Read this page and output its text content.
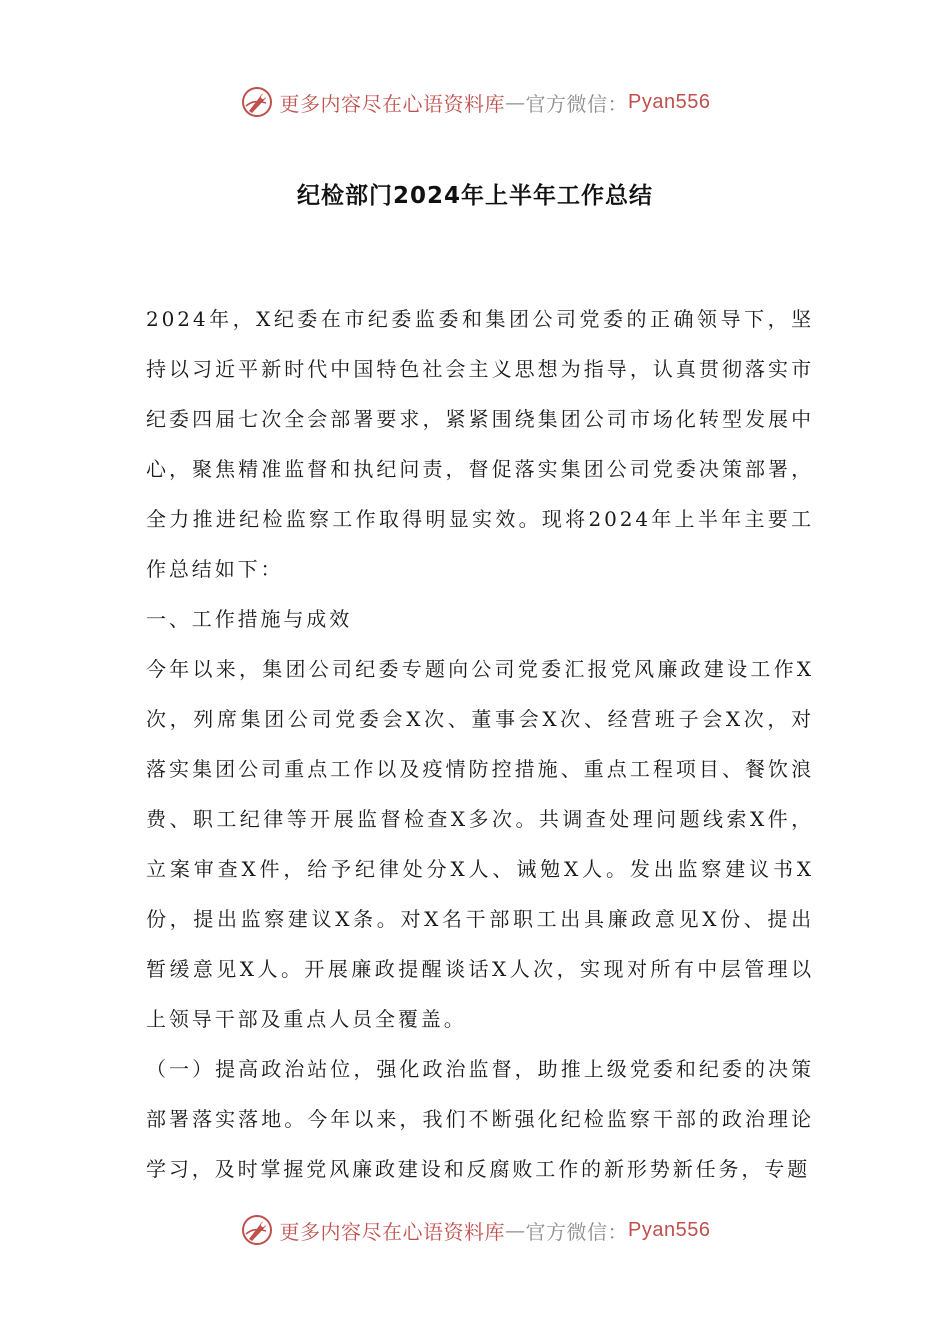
更多内容尽在心语资料库 — 官方微信： Pyan556
纪检部门2024年上半年工作总结

2024年，X纪委在市纪委监委和集团公司党委的正确领导下，坚持以习近平新时代中国特色社会主义思想为指导，认真贯彻落实市纪委四届七次全会部署要求，紧紧围绕集团公司市场化转型发展中心，聚焦精准监督和执纪问责，督促落实集团公司党委决策部署，全力推进纪检监察工作取得明显实效。现将2024年上半年主要工作总结如下：

一、工作措施与成效

今年以来，集团公司纪委专题向公司党委汇报党风廉政建设工作X次，列席集团公司党委会X次、董事会X次、经营班子会X次，对落实集团公司重点工作以及疫情防控措施、重点工程项目、餐饮浪费、职工纪律等开展监督检查X多次。共调查处理问题线索X件，立案审查X件，给予纪律处分X人、诫勉X人。发出监察建议书X份，提出监察建议X条。对X名干部职工出具廉政意见X份、提出暂缓意见X人。开展廉政提醒谈话X人次，实现对所有中层管理以上领导干部及重点人员全覆盖。

（一）提高政治站位，强化政治监督，助推上级党委和纪委的决策部署落实落地。今年以来，我们不断强化纪检监察干部的政治理论学习，及时掌握党风廉政建设和反腐败工作的新形势新任务，专题

更多内容尽在心语资料库 — 官方微信： Pyan556
